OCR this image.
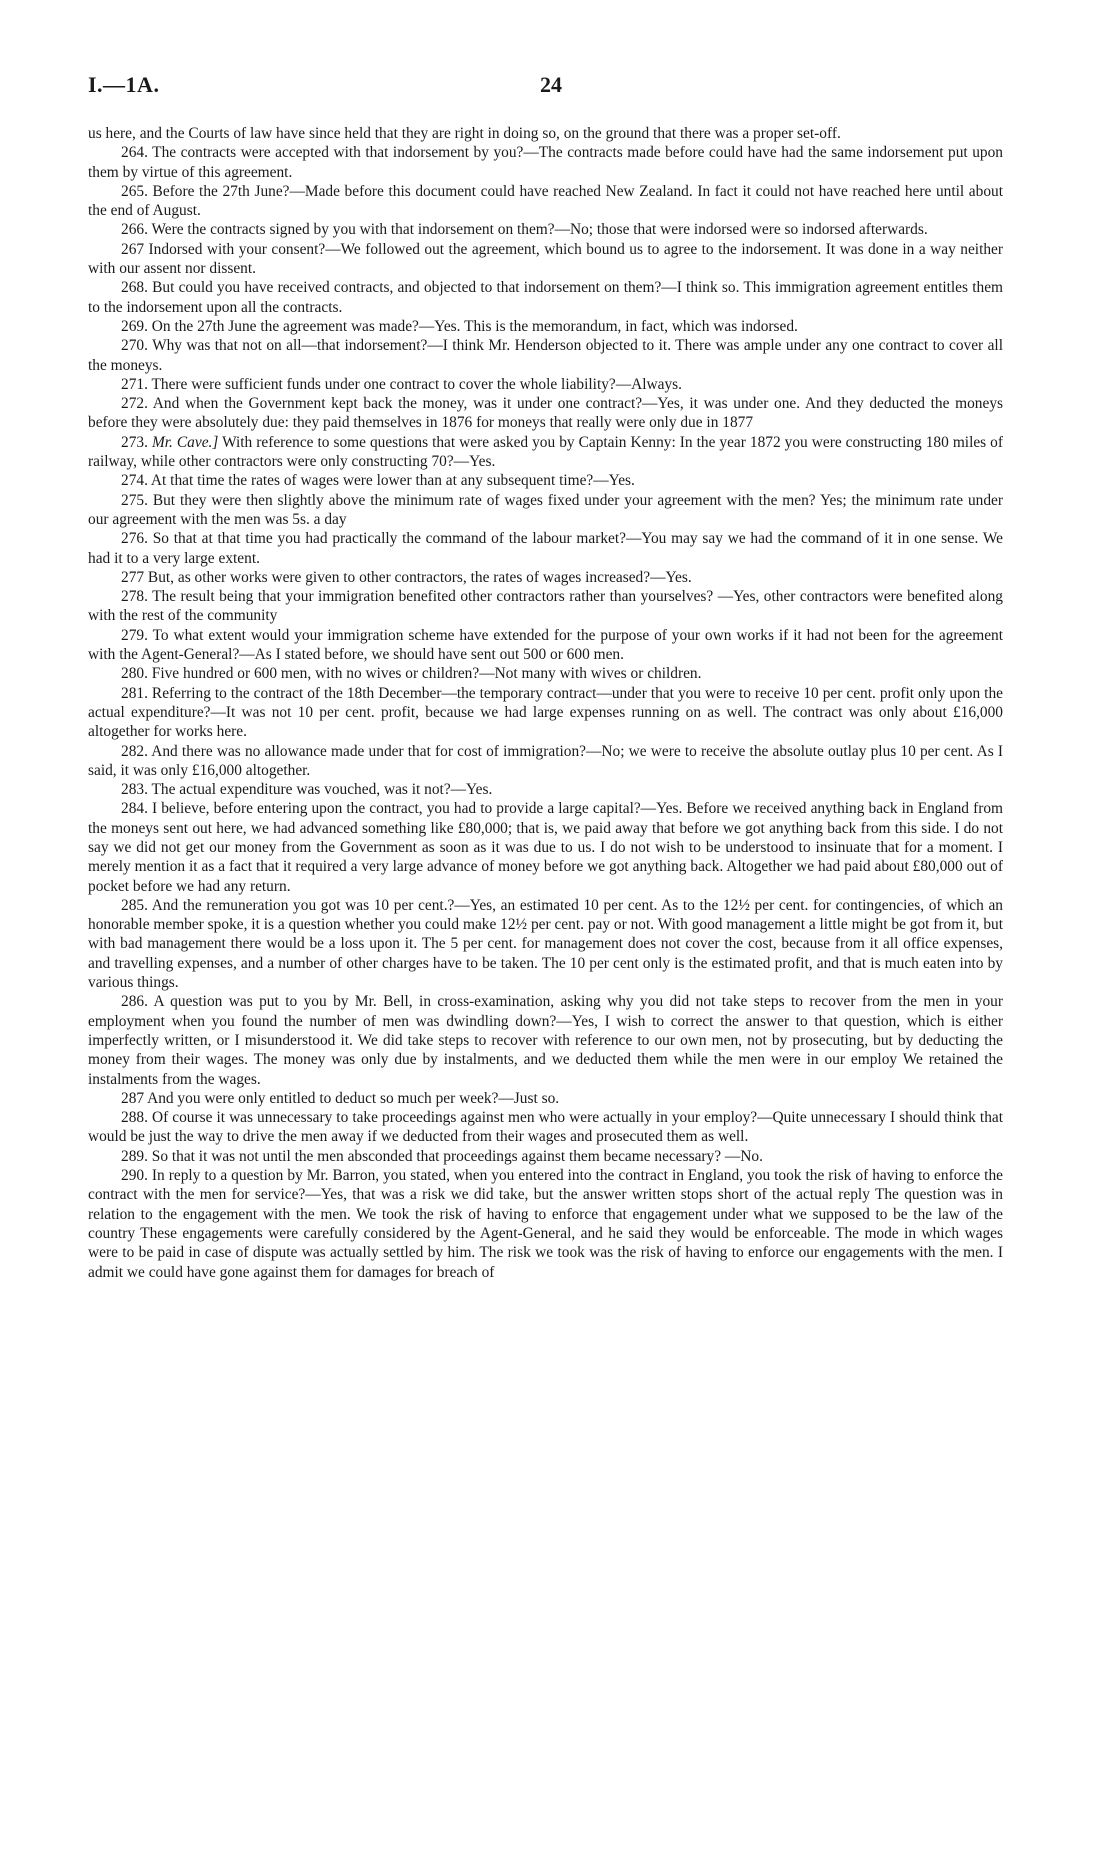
I.—1A.	24

us here, and the Courts of law have since held that they are right in doing so, on the ground that there was a proper set-off.

264. The contracts were accepted with that indorsement by you?—The contracts made before could have had the same indorsement put upon them by virtue of this agreement.

265. Before the 27th June?—Made before this document could have reached New Zealand. In fact it could not have reached here until about the end of August.

266. Were the contracts signed by you with that indorsement on them?—No; those that were indorsed were so indorsed afterwards.

267 Indorsed with your consent?—We followed out the agreement, which bound us to agree to the indorsement. It was done in a way neither with our assent nor dissent.

268. But could you have received contracts, and objected to that indorsement on them?—I think so. This immigration agreement entitles them to the indorsement upon all the contracts.

269. On the 27th June the agreement was made?—Yes. This is the memorandum, in fact, which was indorsed.

270. Why was that not on all—that indorsement?—I think Mr. Henderson objected to it. There was ample under any one contract to cover all the moneys.

271. There were sufficient funds under one contract to cover the whole liability?—Always.

272. And when the Government kept back the money, was it under one contract?—Yes, it was under one. And they deducted the moneys before they were absolutely due: they paid themselves in 1876 for moneys that really were only due in 1877

273. Mr. Cave.] With reference to some questions that were asked you by Captain Kenny: In the year 1872 you were constructing 180 miles of railway, while other contractors were only constructing 70?—Yes.

274. At that time the rates of wages were lower than at any subsequent time?—Yes.

275. But they were then slightly above the minimum rate of wages fixed under your agreement with the men? Yes; the minimum rate under our agreement with the men was 5s. a day

276. So that at that time you had practically the command of the labour market?—You may say we had the command of it in one sense. We had it to a very large extent.

277 But, as other works were given to other contractors, the rates of wages increased?—Yes.

278. The result being that your immigration benefited other contractors rather than yourselves? —Yes, other contractors were benefited along with the rest of the community

279. To what extent would your immigration scheme have extended for the purpose of your own works if it had not been for the agreement with the Agent-General?—As I stated before, we should have sent out 500 or 600 men.

280. Five hundred or 600 men, with no wives or children?—Not many with wives or children.

281. Referring to the contract of the 18th December—the temporary contract—under that you were to receive 10 per cent. profit only upon the actual expenditure?—It was not 10 per cent. profit, because we had large expenses running on as well. The contract was only about £16,000 altogether for works here.

282. And there was no allowance made under that for cost of immigration?—No; we were to receive the absolute outlay plus 10 per cent. As I said, it was only £16,000 altogether.

283. The actual expenditure was vouched, was it not?—Yes.

284. I believe, before entering upon the contract, you had to provide a large capital?—Yes. Before we received anything back in England from the moneys sent out here, we had advanced something like £80,000; that is, we paid away that before we got anything back from this side. I do not say we did not get our money from the Government as soon as it was due to us. I do not wish to be understood to insinuate that for a moment. I merely mention it as a fact that it required a very large advance of money before we got anything back. Altogether we had paid about £80,000 out of pocket before we had any return.

285. And the remuneration you got was 10 per cent.?—Yes, an estimated 10 per cent. As to the 12½ per cent. for contingencies, of which an honorable member spoke, it is a question whether you could make 12½ per cent. pay or not. With good management a little might be got from it, but with bad management there would be a loss upon it. The 5 per cent. for management does not cover the cost, because from it all office expenses, and travelling expenses, and a number of other charges have to be taken. The 10 per cent only is the estimated profit, and that is much eaten into by various things.

286. A question was put to you by Mr. Bell, in cross-examination, asking why you did not take steps to recover from the men in your employment when you found the number of men was dwindling down?—Yes, I wish to correct the answer to that question, which is either imperfectly written, or I misunderstood it. We did take steps to recover with reference to our own men, not by prosecuting, but by deducting the money from their wages. The money was only due by instalments, and we deducted them while the men were in our employ We retained the instalments from the wages.

287 And you were only entitled to deduct so much per week?—Just so.

288. Of course it was unnecessary to take proceedings against men who were actually in your employ?—Quite unnecessary I should think that would be just the way to drive the men away if we deducted from their wages and prosecuted them as well.

289. So that it was not until the men absconded that proceedings against them became necessary? —No.

290. In reply to a question by Mr. Barron, you stated, when you entered into the contract in England, you took the risk of having to enforce the contract with the men for service?—Yes, that was a risk we did take, but the answer written stops short of the actual reply The question was in relation to the engagement with the men. We took the risk of having to enforce that engagement under what we supposed to be the law of the country These engagements were carefully considered by the Agent-General, and he said they would be enforceable. The mode in which wages were to be paid in case of dispute was actually settled by him. The risk we took was the risk of having to enforce our engagements with the men. I admit we could have gone against them for damages for breach of
